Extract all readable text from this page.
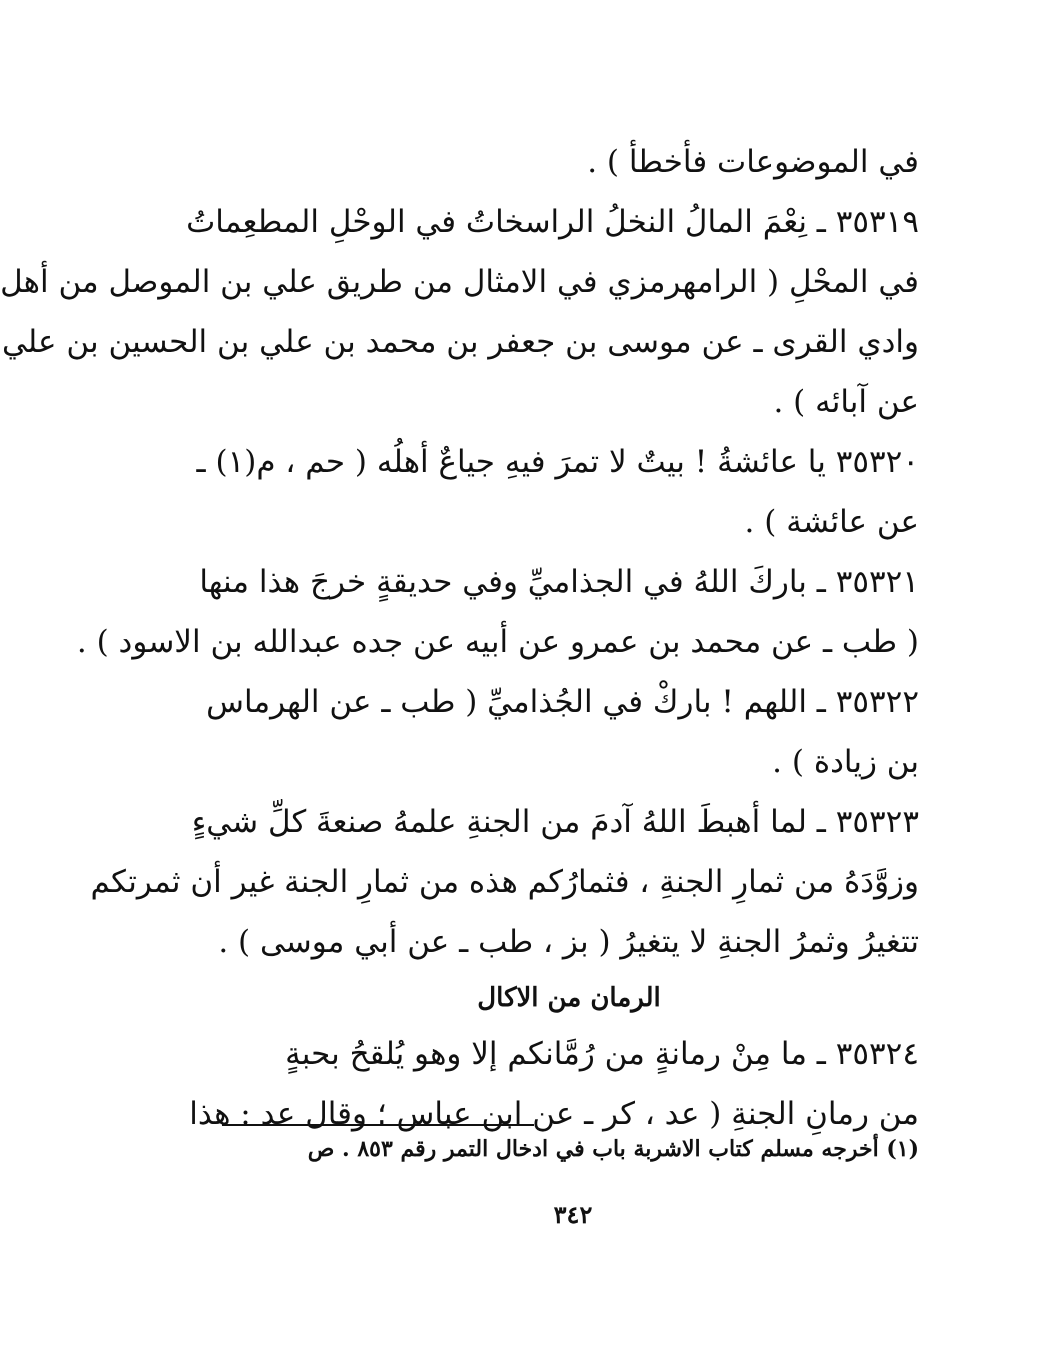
في الموضوعات فأخطأ ) .
٣٥٣١٩ ـ نِعْمَ المالُ النخلُ الراسخاتُ في الوحْلِ المطعِماتُ
في المحْلِ ( الرامهرمزي في الامثال من طريق علي بن الموصل من أهل
وادي القرى ـ عن موسى بن جعفر بن محمد بن علي بن الحسين بن علي
عن آبائه ) .
٣٥٣٢٠ يا عائشةُ ! بيتٌ لا تمرَ فيهِ جياعٌ أهلُه ( حم ، م(١) ـ
عن عائشة ) .
٣٥٣٢١ ـ باركَ اللهُ في الجذاميِّ وفي حديقةٍ خرجَ هذا منها
( طب ـ عن محمد بن عمرو عن أبيه عن جده عبدالله بن الاسود ) .
٣٥٣٢٢ ـ اللهم ! باركْ في الجُذاميِّ ( طب ـ عن الهرماس
بن زيادة ) .
٣٥٣٢٣ ـ لما أهبطَ اللهُ آدمَ من الجنةِ علمهُ صنعةَ كلِّ شيءٍ
وزوَّدَهُ من ثمارِ الجنةِ ، فثمارُكم هذه من ثمارِ الجنة غير أن ثمرتكم
تتغيرُ وثمرُ الجنةِ لا يتغيرُ ( بز ، طب ـ عن أبي موسى ) .
الرمان من الاكال
٣٥٣٢٤ ـ ما مِنْ رمانةٍ من رُمَّانكم إلا وهو يُلقحُ بحبةٍ
من رمانِ الجنةِ ( عد ، كر ـ عن ابن عباس ؛ وقال عد : هذا
(١) أخرجه مسلم كتاب الاشربة باب في ادخال التمر رقم ٨٥٣ . ص
٣٤٢
